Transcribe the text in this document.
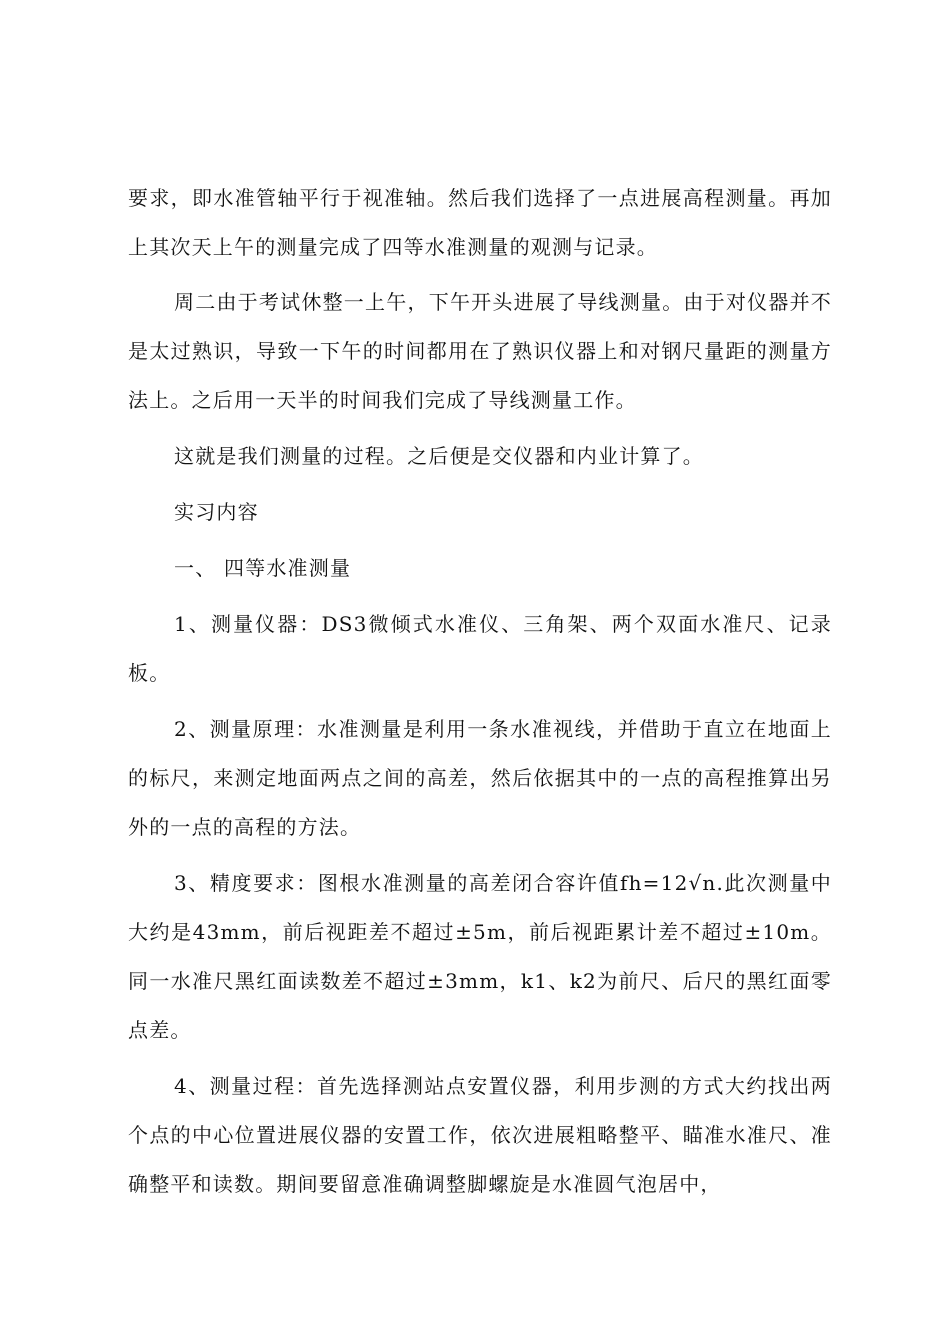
要求，即水准管轴平行于视准轴。然后我们选择了一点进展高程测量。再加上其次天上午的测量完成了四等水准测量的观测与记录。

周二由于考试休整一上午，下午开头进展了导线测量。由于对仪器并不是太过熟识，导致一下午的时间都用在了熟识仪器上和对钢尺量距的测量方法上。之后用一天半的时间我们完成了导线测量工作。

这就是我们测量的过程。之后便是交仪器和内业计算了。

实习内容

一、 四等水准测量

1、测量仪器：DS3微倾式水准仪、三角架、两个双面水准尺、记录板。

2、测量原理：水准测量是利用一条水准视线，并借助于直立在地面上的标尺，来测定地面两点之间的高差，然后依据其中的一点的高程推算出另外的一点的高程的方法。

3、精度要求：图根水准测量的高差闭合容许值fh=12√n.此次测量中大约是43mm，前后视距差不超过±5m，前后视距累计差不超过±10m。同一水准尺黑红面读数差不超过±3mm，k1、k2为前尺、后尺的黑红面零点差。

4、测量过程：首先选择测站点安置仪器，利用步测的方式大约找出两个点的中心位置进展仪器的安置工作，依次进展粗略整平、瞄准水准尺、准确整平和读数。期间要留意准确调整脚螺旋是水准圆气泡居中，
